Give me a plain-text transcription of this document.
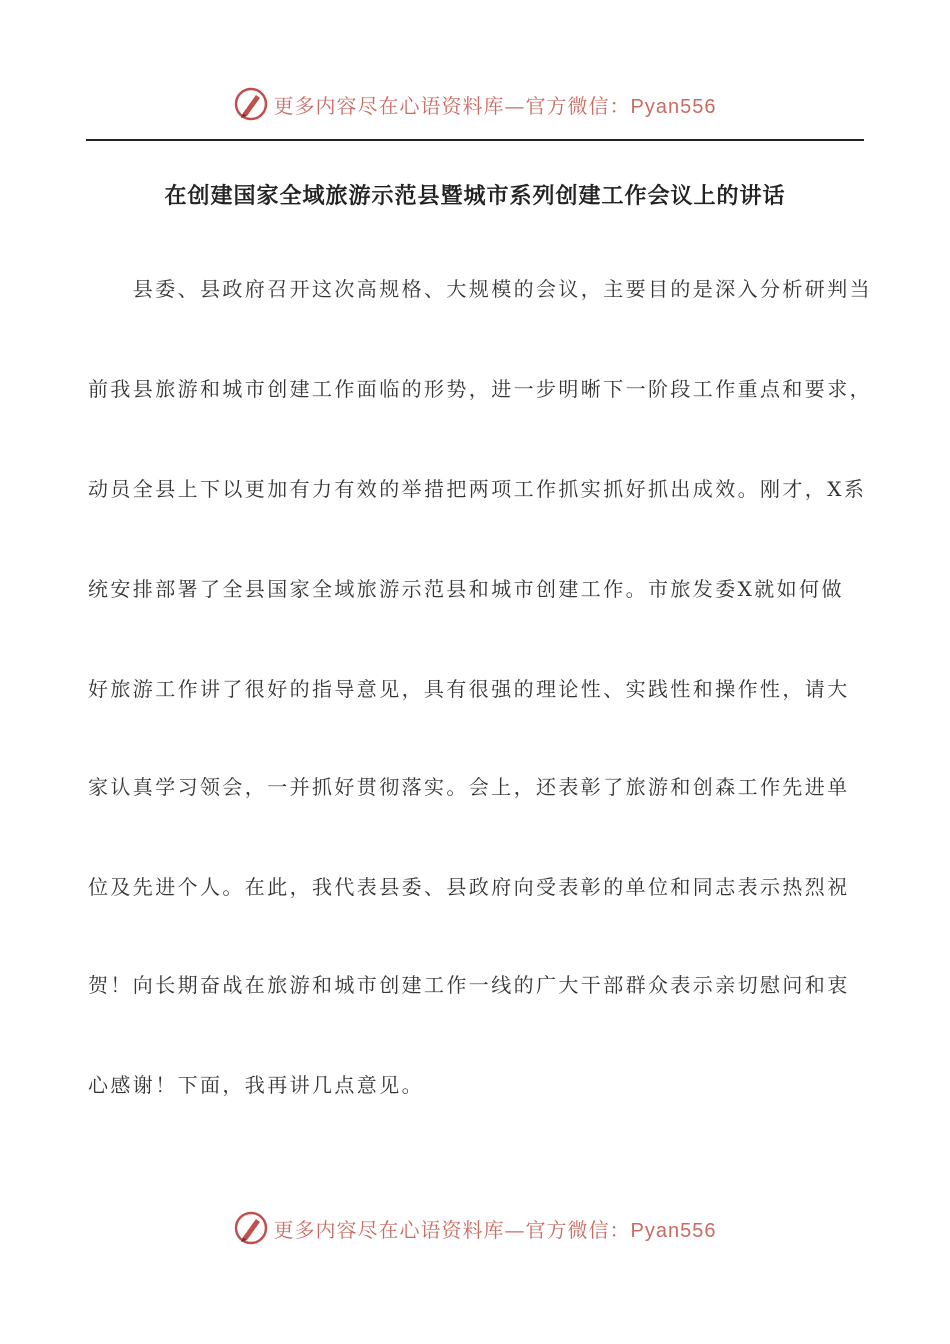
更多内容尽在心语资料库—官方微信：Pyan556
在创建国家全域旅游示范县暨城市系列创建工作会议上的讲话
　　县委、县政府召开这次高规格、大规模的会议，主要目的是深入分析研判当
前我县旅游和城市创建工作面临的形势，进一步明晰下一阶段工作重点和要求，
动员全县上下以更加有力有效的举措把两项工作抓实抓好抓出成效。刚才，X系
统安排部署了全县国家全域旅游示范县和城市创建工作。市旅发委X就如何做
好旅游工作讲了很好的指导意见，具有很强的理论性、实践性和操作性，请大
家认真学习领会，一并抓好贯彻落实。会上，还表彰了旅游和创森工作先进单
位及先进个人。在此，我代表县委、县政府向受表彰的单位和同志表示热烈祝
贺！向长期奋战在旅游和城市创建工作一线的广大干部群众表示亲切慰问和衷
心感谢！下面，我再讲几点意见。
更多内容尽在心语资料库—官方微信：Pyan556
